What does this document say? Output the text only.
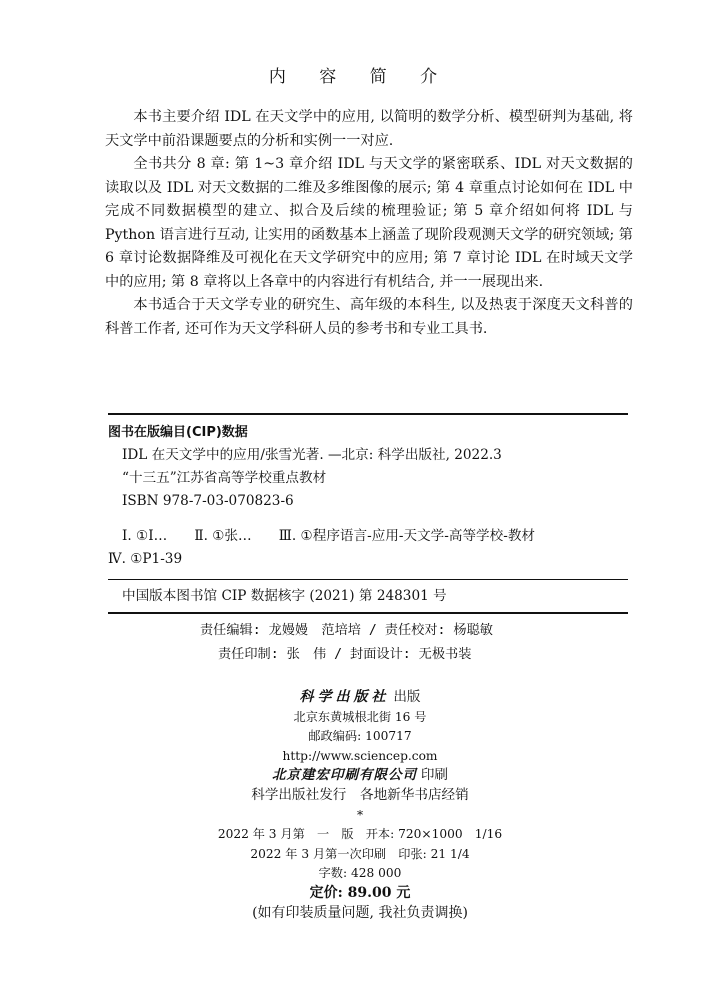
内 容 简 介

本书主要介绍 IDL 在天文学中的应用, 以简明的数学分析、模型研判为基础, 将天文学中前沿课题要点的分析和实例一一对应.

全书共分 8 章: 第 1~3 章介绍 IDL 与天文学的紧密联系、IDL 对天文数据的读取以及 IDL 对天文数据的二维及多维图像的展示; 第 4 章重点讨论如何在 IDL 中完成不同数据模型的建立、拟合及后续的梳理验证; 第 5 章介绍如何将 IDL 与 Python 语言进行互动, 让实用的函数基本上涵盖了现阶段观测天文学的研究领域; 第 6 章讨论数据降维及可视化在天文学研究中的应用; 第 7 章讨论 IDL 在时域天文学中的应用; 第 8 章将以上各章中的内容进行有机结合, 并一一展现出来.

本书适合于天文学专业的研究生、高年级的本科生, 以及热衷于深度天文科普的科普工作者, 还可作为天文学科研人员的参考书和专业工具书.

图书在版编目(CIP)数据
IDL 在天文学中的应用/张雪光著. —北京: 科学出版社, 2022.3
“十三五”江苏省高等学校重点教材
ISBN 978-7-03-070823-6
Ⅰ. ①I…　　Ⅱ. ①张…　　Ⅲ. ①程序语言-应用-天文学-高等学校-教材
Ⅳ. ①P1-39
中国版本图书馆 CIP 数据核字 (2021) 第 248301 号
责任编辑: 龙嫚嫚　范培培 / 责任校对: 杨聪敏
责任印制: 张　伟 / 封面设计: 无极书装
科学出版社 出版
北京东黄城根北街 16 号
邮政编码: 100717
http://www.sciencep.com
北京建宏印刷有限公司 印刷
科学出版社发行　各地新华书店经销
*
2022 年 3 月第　一　版　开本: 720×1000　1/16
2022 年 3 月第一次印刷　印张: 21 1/4
字数: 428 000
定价: 89.00 元
(如有印装质量问题, 我社负责调换)
